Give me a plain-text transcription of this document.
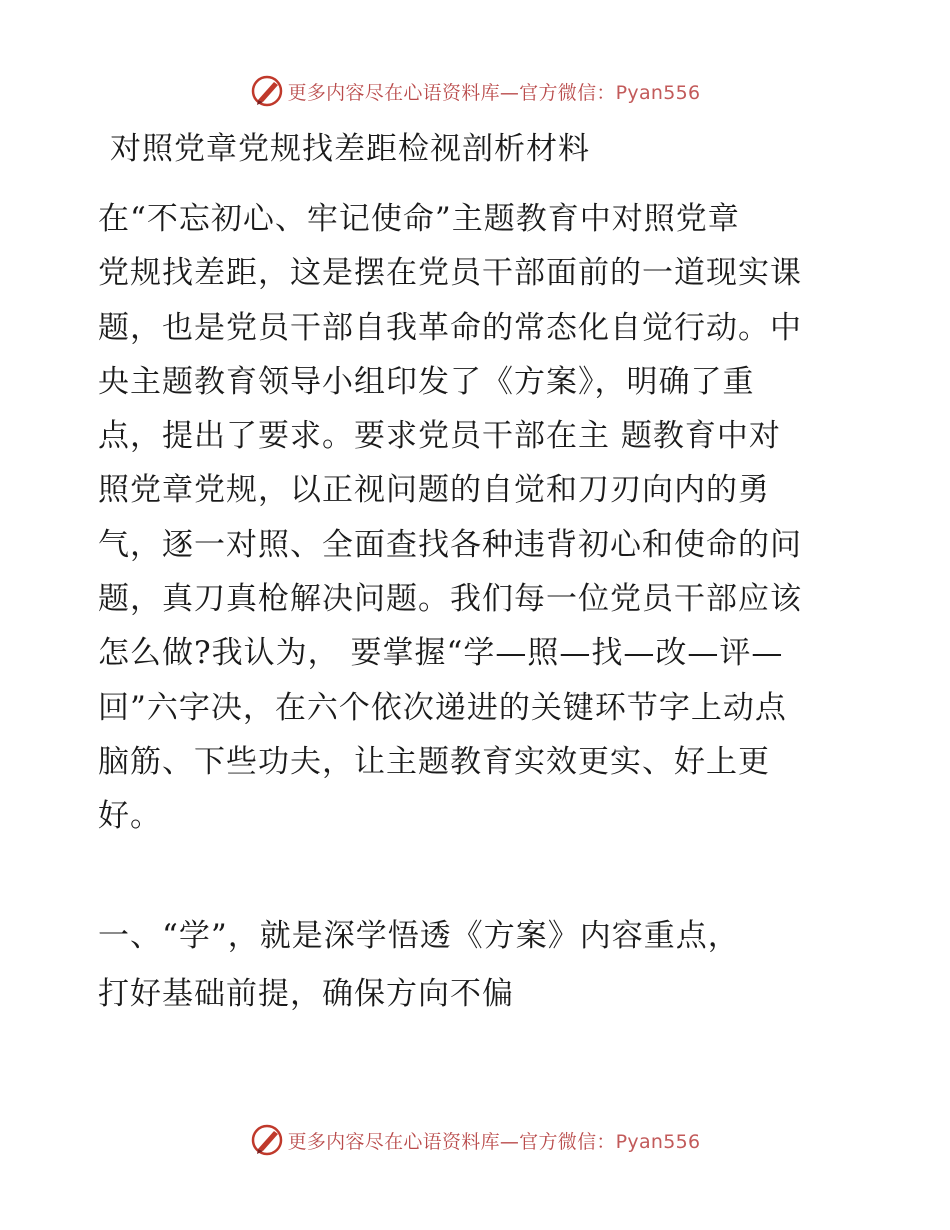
更多内容尽在心语资料库—官方微信：Pyan556
对照党章党规找差距检视剖析材料
在“不忘初心、牢记使命”主题教育中对照党章
党规找差距，这是摆在党员干部面前的一道现实课
题，也是党员干部自我革命的常态化自觉行动。中
央主题教育领导小组印发了《方案》，明确了重
点，提出了要求。要求党员干部在主 题教育中对
照党章党规，以正视问题的自觉和刀刃向内的勇
气，逐一对照、全面查找各种违背初心和使命的问
题，真刀真枪解决问题。我们每一位党员干部应该
怎么做?我认为， 要掌握“学—照—找—改—评—
回”六字决，在六个依次递进的关键环节字上动点
脑筋、下些功夫，让主题教育实效更实、好上更
好。
一、“学”，就是深学悟透《方案》内容重点，
打好基础前提，确保方向不偏
更多内容尽在心语资料库—官方微信：Pyan556
